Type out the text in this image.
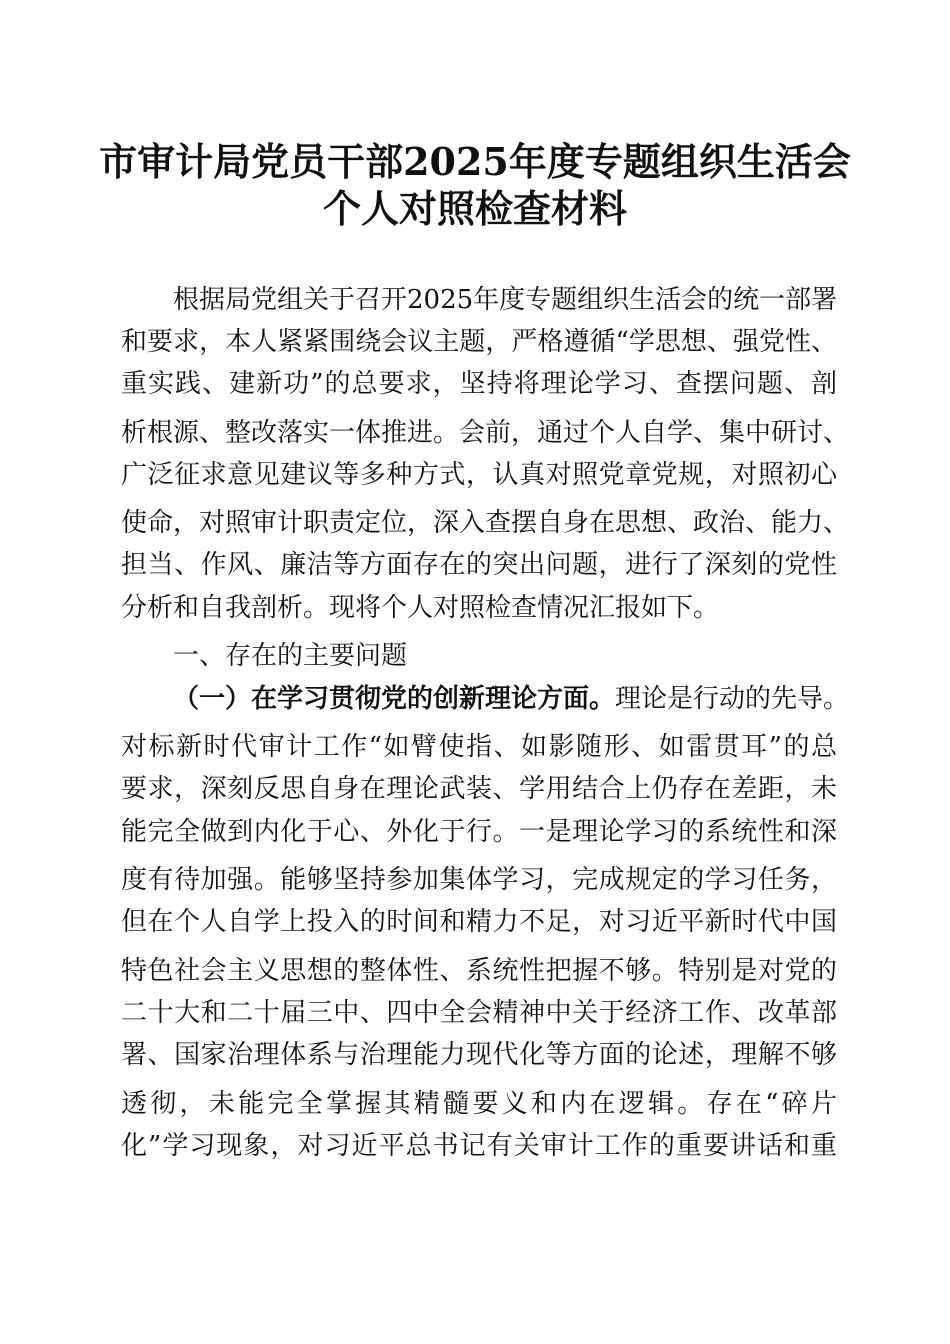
市审计局党员干部2025年度专题组织生活会
个人对照检查材料
根据局党组关于召开2025年度专题组织生活会的统一部署
和要求，本人紧紧围绕会议主题，严格遵循“学思想、强党性、
重实践、建新功”的总要求，坚持将理论学习、查摆问题、剖
析根源、整改落实一体推进。会前，通过个人自学、集中研讨、
广泛征求意见建议等多种方式，认真对照党章党规，对照初心
使命，对照审计职责定位，深入查摆自身在思想、政治、能力、
担当、作风、廉洁等方面存在的突出问题，进行了深刻的党性
分析和自我剖析。现将个人对照检查情况汇报如下。
一、存在的主要问题
（一）在学习贯彻党的创新理论方面。理论是行动的先导。
对标新时代审计工作“如臂使指、如影随形、如雷贯耳”的总
要求，深刻反思自身在理论武装、学用结合上仍存在差距，未
能完全做到内化于心、外化于行。一是理论学习的系统性和深
度有待加强。能够坚持参加集体学习，完成规定的学习任务，
但在个人自学上投入的时间和精力不足，对习近平新时代中国
特色社会主义思想的整体性、系统性把握不够。特别是对党的
二十大和二十届三中、四中全会精神中关于经济工作、改革部
署、国家治理体系与治理能力现代化等方面的论述，理解不够
透彻，未能完全掌握其精髓要义和内在逻辑。存在“碎片
化”学习现象，对习近平总书记有关审计工作的重要讲话和重
